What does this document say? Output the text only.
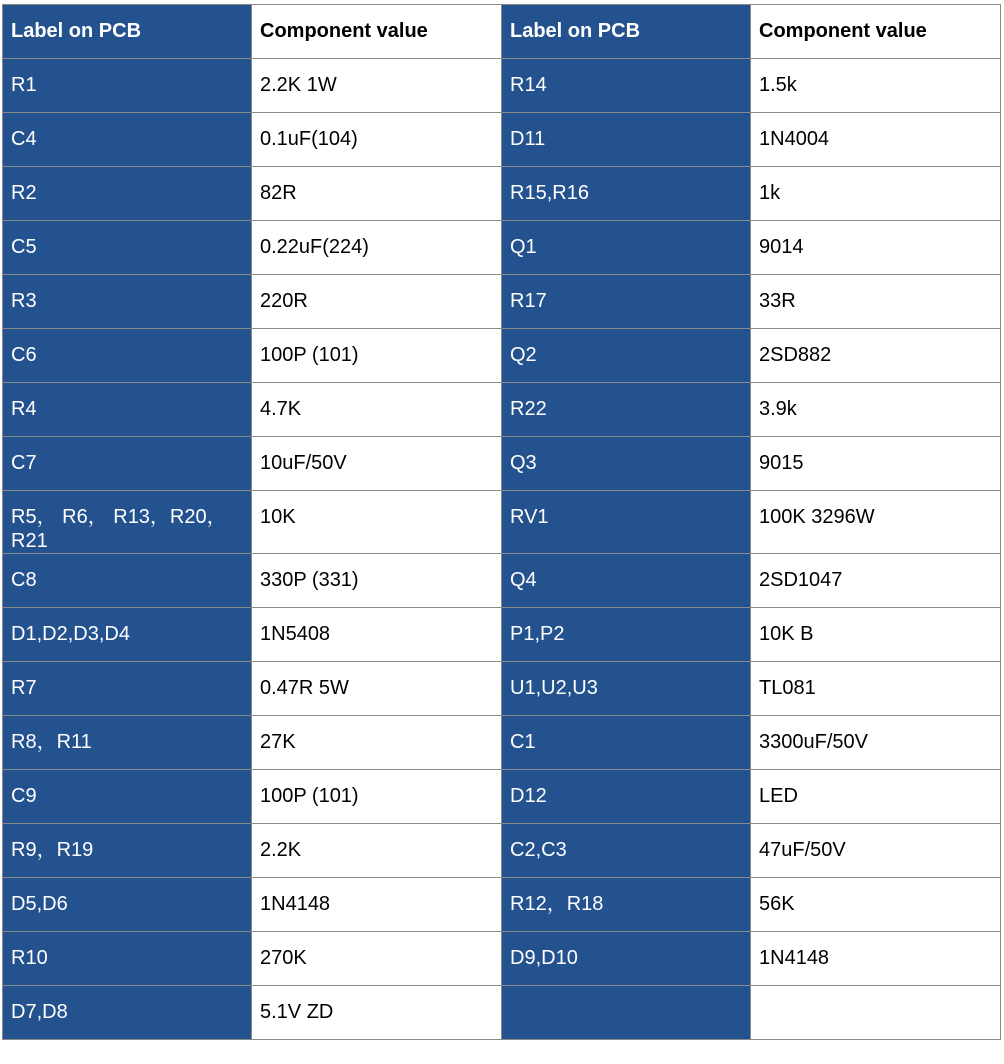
Label on PCB	Component value	Label on PCB	Component value
R1	2.2K 1W	R14	1.5k
C4	0.1uF(104)	D11	1N4004
R2	82R	R15,R16	1k
C5	0.22uF(224)	Q1	9014
R3	220R	R17	33R
C6	100P (101)	Q2	2SD882
R4	4.7K	R22	3.9k
C7	10uF/50V	Q3	9015
R5， R6， R13，R20， R21	10K	RV1	100K 3296W
C8	330P (331)	Q4	2SD1047
D1,D2,D3,D4	1N5408	P1,P2	10K B
R7	0.47R 5W	U1,U2,U3	TL081
R8，R11	27K	C1	3300uF/50V
C9	100P (101)	D12	LED
R9，R19	2.2K	C2,C3	47uF/50V
D5,D6	1N4148	R12，R18	56K
R10	270K	D9,D10	1N4148
D7,D8	5.1V ZD		
